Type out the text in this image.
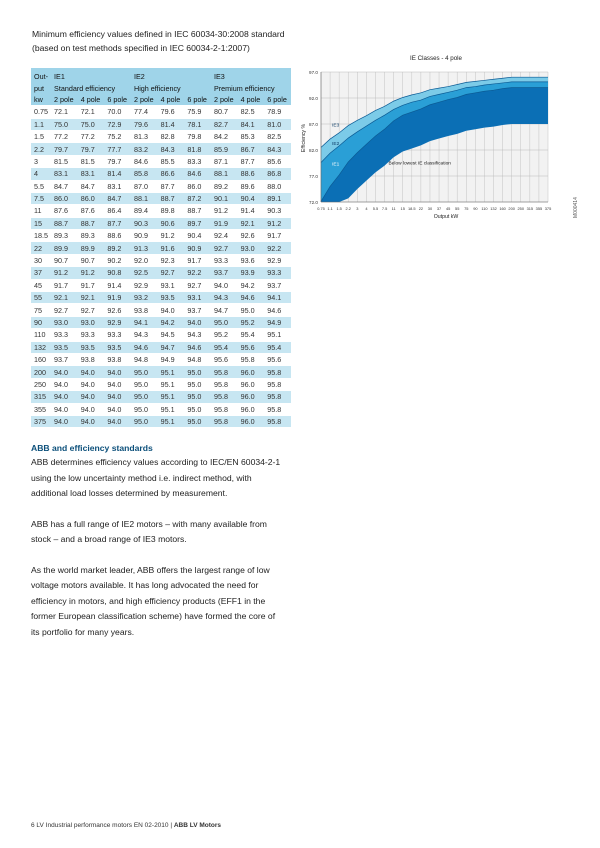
Minimum efficiency values defined in IEC 60034-30:2008 standard (based on test methods specified in IEC 60034-2-1:2007)
Out-	IE1			IE2			IE3		
put	Standard efficiency			High efficiency			Premium efficiency		
kw	2 pole	4 pole	6 pole	2 pole	4 pole	6 pole	2 pole	4 pole	6 pole
0.75	72.1	72.1	70.0	77.4	79.6	75.9	80.7	82.5	78.9
1.1	75.0	75.0	72.9	79.6	81.4	78.1	82.7	84.1	81.0
1.5	77.2	77.2	75.2	81.3	82.8	79.8	84.2	85.3	82.5
2.2	79.7	79.7	77.7	83.2	84.3	81.8	85.9	86.7	84.3
3	81.5	81.5	79.7	84.6	85.5	83.3	87.1	87.7	85.6
4	83.1	83.1	81.4	85.8	86.6	84.6	88.1	88.6	86.8
5.5	84.7	84.7	83.1	87.0	87.7	86.0	89.2	89.6	88.0
7.5	86.0	86.0	84.7	88.1	88.7	87.2	90.1	90.4	89.1
11	87.6	87.6	86.4	89.4	89.8	88.7	91.2	91.4	90.3
15	88.7	88.7	87.7	90.3	90.6	89.7	91.9	92.1	91.2
18.5	89.3	89.3	88.6	90.9	91.2	90.4	92.4	92.6	91.7
22	89.9	89.9	89.2	91.3	91.6	90.9	92.7	93.0	92.2
30	90.7	90.7	90.2	92.0	92.3	91.7	93.3	93.6	92.9
37	91.2	91.2	90.8	92.5	92.7	92.2	93.7	93.9	93.3
45	91.7	91.7	91.4	92.9	93.1	92.7	94.0	94.2	93.7
55	92.1	92.1	91.9	93.2	93.5	93.1	94.3	94.6	94.1
75	92.7	92.7	92.6	93.8	94.0	93.7	94.7	95.0	94.6
90	93.0	93.0	92.9	94.1	94.2	94.0	95.0	95.2	94.9
110	93.3	93.3	93.3	94.3	94.5	94.3	95.2	95.4	95.1
132	93.5	93.5	93.5	94.6	94.7	94.6	95.4	95.6	95.4
160	93.7	93.8	93.8	94.8	94.9	94.8	95.6	95.8	95.6
200	94.0	94.0	94.0	95.0	95.1	95.0	95.8	96.0	95.8
250	94.0	94.0	94.0	95.0	95.1	95.0	95.8	96.0	95.8
315	94.0	94.0	94.0	95.0	95.1	95.0	95.8	96.0	95.8
355	94.0	94.0	94.0	95.0	95.1	95.0	95.8	96.0	95.8
375	94.0	94.0	94.0	95.0	95.1	95.0	95.8	96.0	95.8
97.0
92.0
87.0
82.0
77.0
72.0
0.75 1.1 1.5 2.2 3 4 5.5 7.5 11 15 18.5 22 30 37 45 55 75 90 110 132 160 200 250 315 355 375
IE Classes - 4 pole
Output kW
Efficiency %	IE3
IE2
IE1	Below lowest IE classification
M000414
ABB and efficiency standards

ABB determines efficiency values according to IEC/EN 60034-2-1 using the low uncertainty method i.e. indirect method, with additional load losses determined by measurement.

ABB has a full range of IE2 motors – with many available from stock – and a broad range of IE3 motors.

As the world market leader, ABB offers the largest range of low voltage motors available. It has long advocated the need for efficiency in motors, and high efficiency products (EFF1 in the former European classification scheme) have formed the core of its portfolio for many years.

6 LV Industrial performance motors EN 02-2010 | ABB LV Motors
